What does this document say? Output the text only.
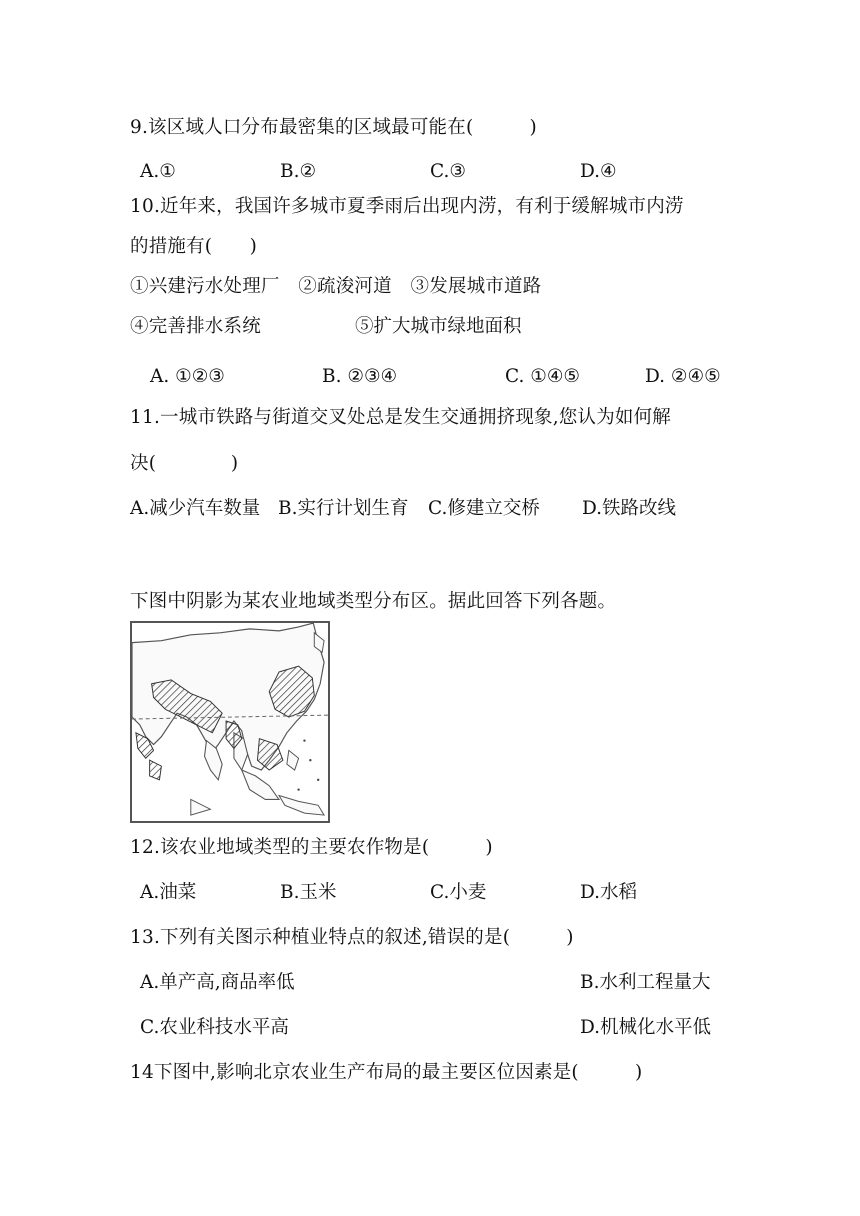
9.该区域人口分布最密集的区域最可能在(　　　)
A.①	B.②	C.③	D.④
10.近年来，我国许多城市夏季雨后出现内涝，有利于缓解城市内涝
的措施有(　　)
①兴建污水处理厂　②疏浚河道　③发展城市道路
④完善排水系统	⑤扩大城市绿地面积
A. ①②③	B. ②③④	C. ①④⑤	D. ②④⑤
11.一城市铁路与街道交叉处总是发生交通拥挤现象,您认为如何解
决(　　　　)
A.减少汽车数量 B.实行计划生育 C.修建立交桥 D.铁路改线
下图中阴影为某农业地域类型分布区。据此回答下列各题。
12.该农业地域类型的主要农作物是(　　　)
A.油菜	B.玉米	C.小麦	D.水稻
13.下列有关图示种植业特点的叙述,错误的是(　　　)
A.单产高,商品率低	B.水利工程量大
C.农业科技水平高	D.机械化水平低
14下图中,影响北京农业生产布局的最主要区位因素是(　　　)
